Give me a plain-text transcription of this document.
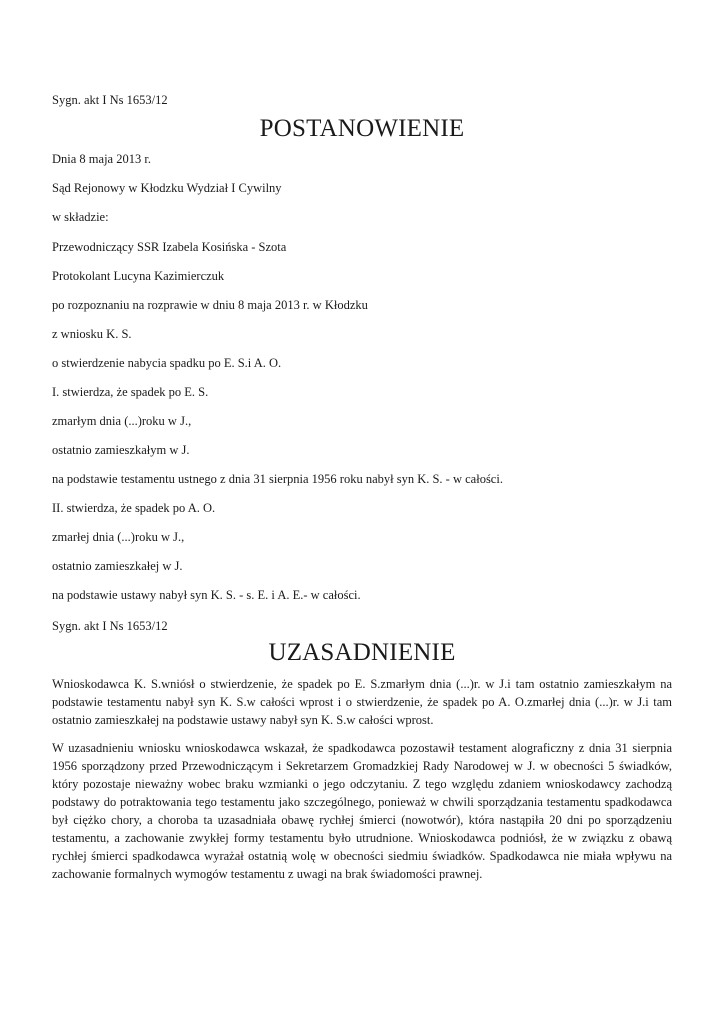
Sygn. akt I Ns 1653/12
POSTANOWIENIE
Dnia 8 maja 2013 r.
Sąd Rejonowy w Kłodzku Wydział I Cywilny
w składzie:
Przewodniczący SSR Izabela Kosińska - Szota
Protokolant Lucyna Kazimierczuk
po rozpoznaniu na rozprawie w dniu 8 maja 2013 r. w Kłodzku
z wniosku K. S.
o stwierdzenie nabycia spadku po E. S.i A. O.
I. stwierdza, że spadek po E. S.
zmarłym dnia (...)roku w J.,
ostatnio zamieszkałym w J.
na podstawie testamentu ustnego z dnia 31 sierpnia 1956 roku nabył syn K. S. - w całości.
II. stwierdza, że spadek po A. O.
zmarłej dnia (...)roku w J.,
ostatnio zamieszkałej w J.
na podstawie ustawy nabył syn K. S. - s. E. i A. E.- w całości.
Sygn. akt I Ns 1653/12
UZASADNIENIE
Wnioskodawca K. S.wniósł o stwierdzenie, że spadek po E. S.zmarłym dnia (...)r. w J.i tam ostatnio zamieszkałym na podstawie testamentu nabył syn K. S.w całości wprost i o stwierdzenie, że spadek po A. O.zmarłej dnia (...)r. w J.i tam ostatnio zamieszkałej na podstawie ustawy nabył syn K. S.w całości wprost.
W uzasadnieniu wniosku wnioskodawca wskazał, że spadkodawca pozostawił testament alograficzny z dnia 31 sierpnia 1956 sporządzony przed Przewodniczącym i Sekretarzem Gromadzkiej Rady Narodowej w J. w obecności 5 świadków, który pozostaje nieważny wobec braku wzmianki o jego odczytaniu. Z tego względu zdaniem wnioskodawcy zachodzą podstawy do potraktowania tego testamentu jako szczególnego, ponieważ w chwili sporządzania testamentu spadkodawca był ciężko chory, a choroba ta uzasadniała obawę rychłej śmierci (nowotwór), która nastąpiła 20 dni po sporządzeniu testamentu, a zachowanie zwykłej formy testamentu było utrudnione. Wnioskodawca podniósł, że w związku z obawą rychłej śmierci spadkodawca wyrażał ostatnią wolę w obecności siedmiu świadków. Spadkodawca nie miała wpływu na zachowanie formalnych wymogów testamentu z uwagi na brak świadomości prawnej.
